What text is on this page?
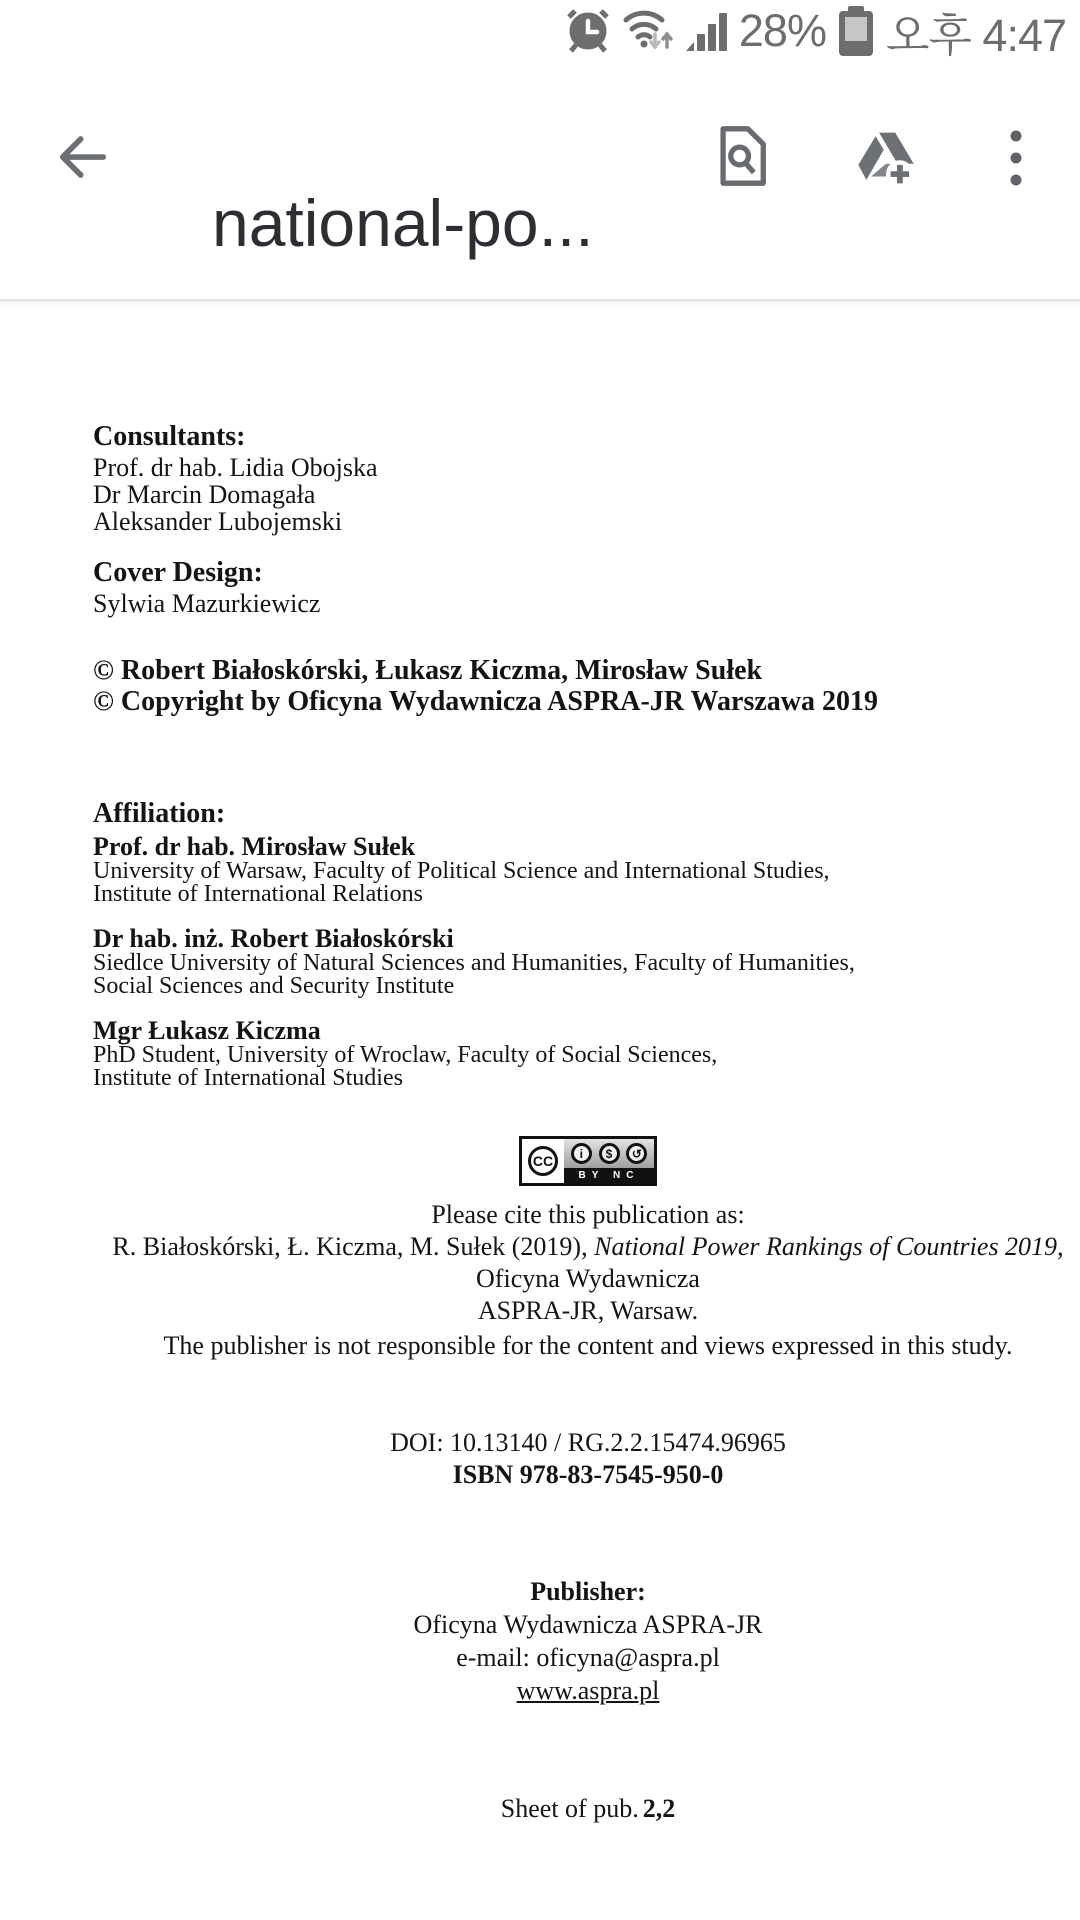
28% 오후 4:47
national-po...
Consultants:
Prof. dr hab. Lidia Obojska
Dr Marcin Domagała
Aleksander Lubojemski
Cover Design:
Sylwia Mazurkiewicz
© Robert Białoskórski, Łukasz Kiczma, Mirosław Sułek
© Copyright by Oficyna Wydawnicza ASPRA-JR Warszawa 2019
Affiliation:
Prof. dr hab. Mirosław Sułek
University of Warsaw, Faculty of Political Science and International Studies,
Institute of International Relations
Dr hab. inż. Robert Białoskórski
Siedlce University of Natural Sciences and Humanities, Faculty of Humanities,
Social Sciences and Security Institute
Mgr Łukasz Kiczma
PhD Student, University of Wroclaw, Faculty of Social Sciences,
Institute of International Studies
CC	i	$	↺
BY NC SA
Please cite this publication as:
R. Białoskórski, Ł. Kiczma, M. Sułek (2019), National Power Rankings of Countries 2019, Oficyna Wydawnicza
ASPRA-JR, Warsaw.
The publisher is not responsible for the content and views expressed in this study.
DOI: 10.13140 / RG.2.2.15474.96965
ISBN 978-83-7545-950-0
Publisher:
Oficyna Wydawnicza ASPRA-JR
e-mail: oficyna@aspra.pl
www.aspra.pl
Sheet of pub. 2,2
